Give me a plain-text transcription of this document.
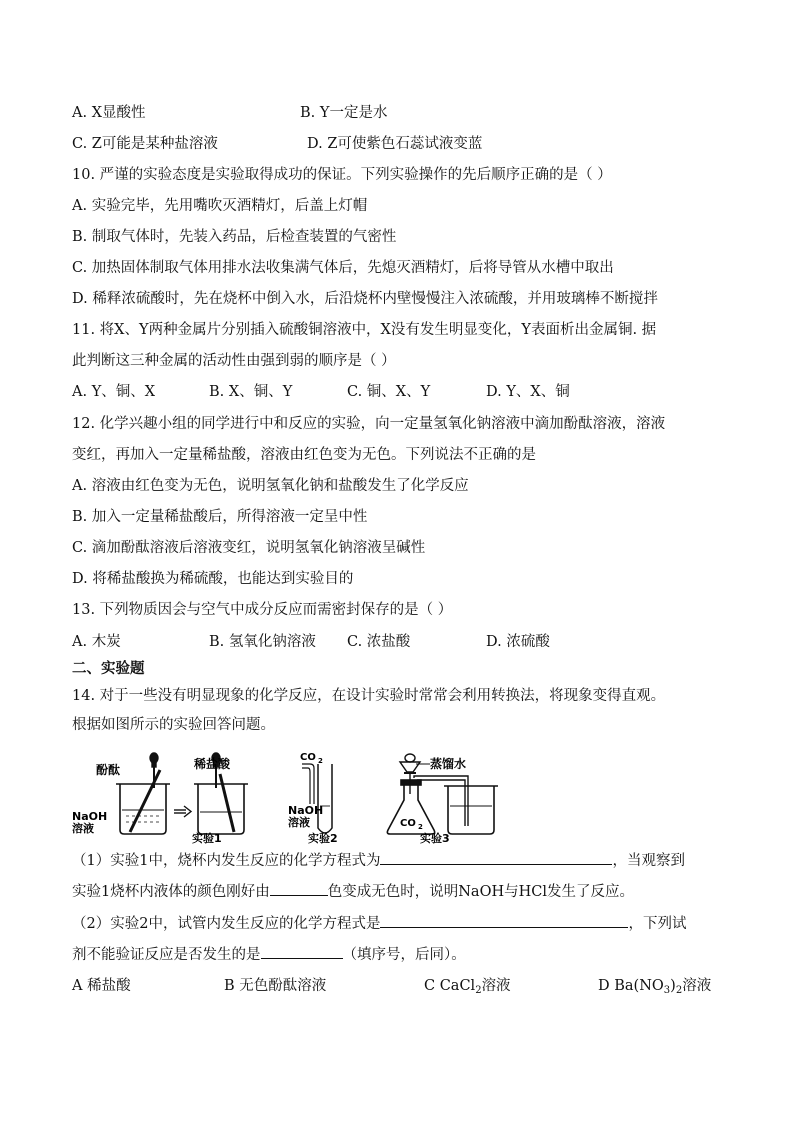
A. X显酸性	B. Y一定是水
C. Z可能是某种盐溶液	D. Z可使紫色石蕊试液变蓝
10. 严谨的实验态度是实验取得成功的保证。下列实验操作的先后顺序正确的是（ ）
A. 实验完毕，先用嘴吹灭酒精灯，后盖上灯帽
B. 制取气体时，先装入药品，后检查装置的气密性
C. 加热固体制取气体用排水法收集满气体后，先熄灭酒精灯，后将导管从水槽中取出
D. 稀释浓硫酸时，先在烧杯中倒入水，后沿烧杯内壁慢慢注入浓硫酸，并用玻璃棒不断搅拌
11. 将X、Y两种金属片分别插入硫酸铜溶液中，X没有发生明显变化，Y表面析出金属铜. 据
此判断这三种金属的活动性由强到弱的顺序是（ ）
A. Y、铜、X	B. X、铜、Y	C. 铜、X、Y	D. Y、X、铜
12. 化学兴趣小组的同学进行中和反应的实验，向一定量氢氧化钠溶液中滴加酚酞溶液，溶液
变红，再加入一定量稀盐酸，溶液由红色变为无色。下列说法不正确的是
A. 溶液由红色变为无色，说明氢氧化钠和盐酸发生了化学反应
B. 加入一定量稀盐酸后，所得溶液一定呈中性
C. 滴加酚酞溶液后溶液变红，说明氢氧化钠溶液呈碱性
D. 将稀盐酸换为稀硫酸，也能达到实验目的
13. 下列物质因会与空气中成分反应而需密封保存的是（ ）
A. 木炭	B. 氢氧化钠溶液 C. 浓盐酸	D. 浓硫酸
二、实验题
14. 对于一些没有明显现象的化学反应，在设计实验时常常会利用转换法，将现象变得直观。
根据如图所示的实验回答问题。
酚酞
NaOH
溶液
稀盐酸
实验1
CO 2
NaOH
溶液
实验2
蒸馏水
CO 2
实验3
（1）实验1中，烧杯内发生反应的化学方程式为	，当观察到
实验1烧杯内液体的颜色刚好由	色变成无色时，说明NaOH与HCl发生了反应。
（2）实验2中，试管内发生反应的化学方程式是	，下列试
剂不能验证反应是否发生的是	（填序号，后同）。
A 稀盐酸	B 无色酚酞溶液	C CaCl$_2$溶液	D $Ba(NO_3)_2$溶液
